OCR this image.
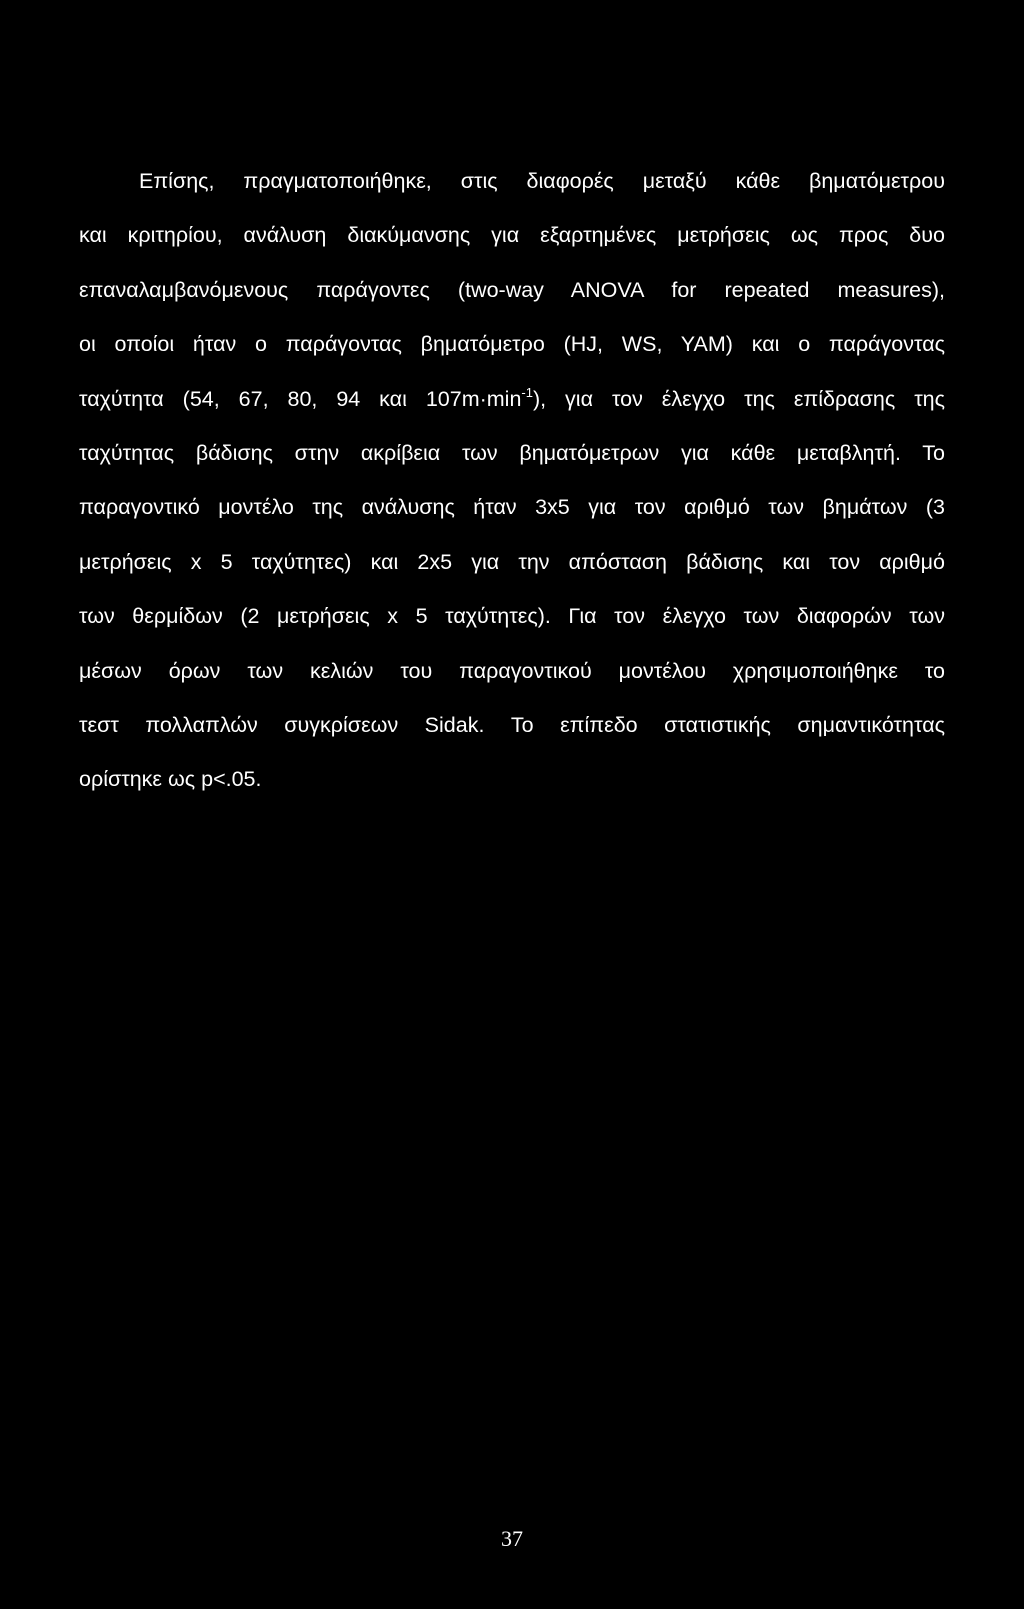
Επίσης, πραγματοποιήθηκε, στις διαφορές μεταξύ κάθε βηματόμετρου
και κριτηρίου, ανάλυση διακύμανσης για εξαρτημένες μετρήσεις ως προς δυο
επαναλαμβανόμενους παράγοντες (two-way ANOVA for repeated measures),
οι οποίοι ήταν ο παράγοντας βηματόμετρο (HJ, WS, YAM) και ο παράγοντας
ταχύτητα (54, 67, 80, 94 και $107m\cdot\min^{-1}$), για τον έλεγχο της επίδρασης της
ταχύτητας βάδισης στην ακρίβεια των βηματόμετρων για κάθε μεταβλητή. Το
παραγοντικό μοντέλο της ανάλυσης ήταν 3x5 για τον αριθμό των βημάτων (3
μετρήσεις x 5 ταχύτητες) και 2x5 για την απόσταση βάδισης και τον αριθμό
των θερμίδων (2 μετρήσεις x 5 ταχύτητες). Για τον έλεγχο των διαφορών των
μέσων όρων των κελιών του παραγοντικού μοντέλου χρησιμοποιήθηκε το
τεστ πολλαπλών συγκρίσεων Sidak. Το επίπεδο στατιστικής σημαντικότητας
ορίστηκε ως p<.05.
37
